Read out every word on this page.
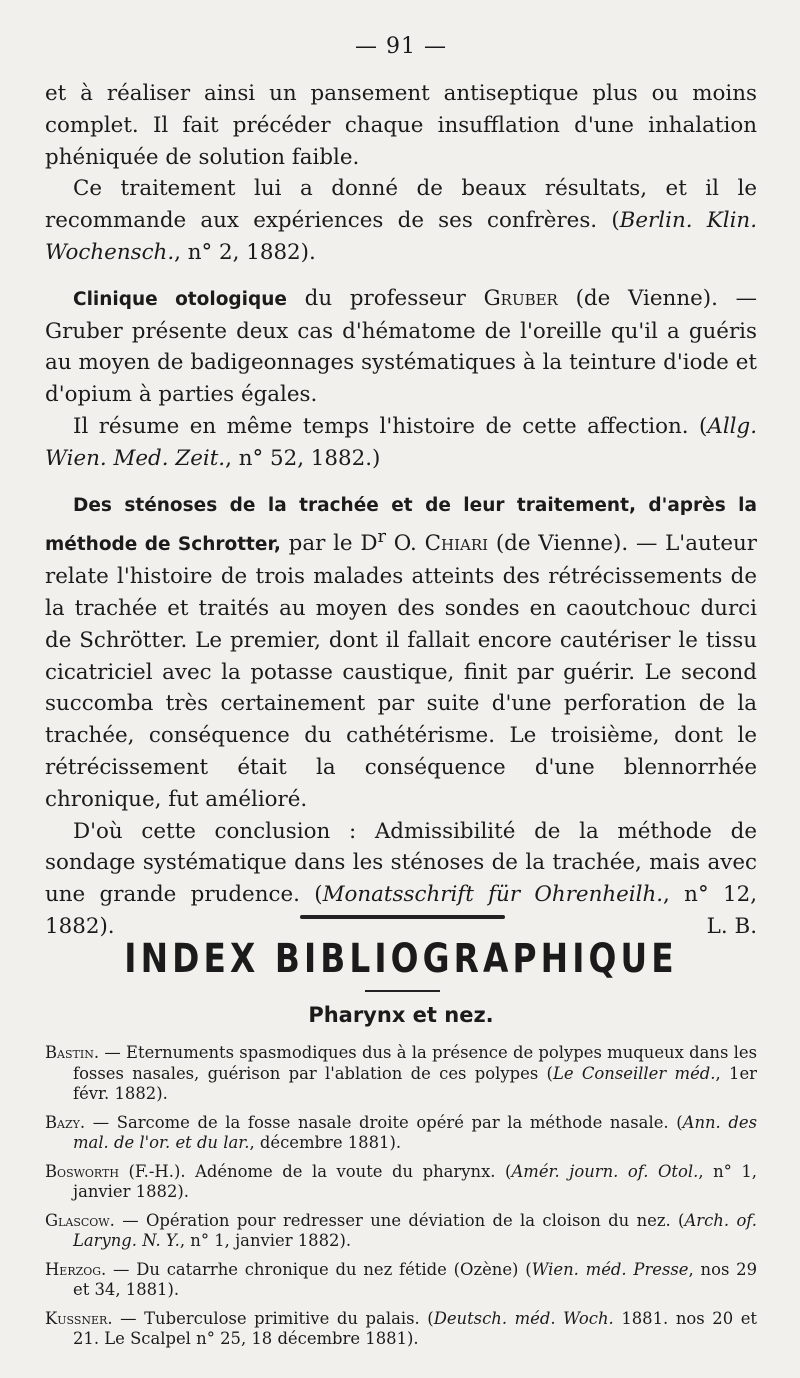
— 91 —

et à réaliser ainsi un pansement antiseptique plus ou moins complet. Il fait précéder chaque insufflation d'une inhalation phéniquée de solution faible.

Ce traitement lui a donné de beaux résultats, et il le recommande aux expériences de ses confrères. (Berlin. Klin. Wochensch., n° 2, 1882).

Clinique otologique du professeur Gruber (de Vienne). — Gruber présente deux cas d'hématome de l'oreille qu'il a guéris au moyen de badigeonnages systématiques à la teinture d'iode et d'opium à parties égales.

Il résume en même temps l'histoire de cette affection. (Allg. Wien. Med. Zeit., n° 52, 1882.)

Des sténoses de la trachée et de leur traitement, d'après la méthode de Schrotter, par le $D^r$ O. Chiari (de Vienne). — L'auteur relate l'histoire de trois malades atteints des rétrécissements de la trachée et traités au moyen des sondes en caoutchouc durci de Schrötter. Le premier, dont il fallait encore cautériser le tissu cicatriciel avec la potasse caustique, finit par guérir. Le second succomba très certainement par suite d'une perforation de la trachée, conséquence du cathétérisme. Le troisième, dont le rétrécissement était la conséquence d'une blennorrhée chronique, fut amélioré.

D'où cette conclusion : Admissibilité de la méthode de sondage systématique dans les sténoses de la trachée, mais avec une grande prudence. (Monatsschrift für Ohrenheilh., n° 12, 1882).	L. B.

INDEX BIBLIOGRAPHIQUE
Pharynx et nez.

Bastin. — Eternuments spasmodiques dus à la présence de polypes muqueux dans les fosses nasales, guérison par l'ablation de ces polypes (Le Conseiller méd., 1er févr. 1882).

Bazy. — Sarcome de la fosse nasale droite opéré par la méthode nasale. (Ann. des mal. de l'or. et du lar., décembre 1881).

Bosworth (F.-H.). Adénome de la voute du pharynx. (Amér. journ. of. Otol., n° 1, janvier 1882).

Glascow. — Opération pour redresser une déviation de la cloison du nez. (Arch. of. Laryng. N. Y., n° 1, janvier 1882).

Herzog. — Du catarrhe chronique du nez fétide (Ozène) (Wien. méd. Presse, nos 29 et 34, 1881).

Kussner. — Tuberculose primitive du palais. (Deutsch. méd. Woch. 1881. nos 20 et 21. Le Scalpel n° 25, 18 décembre 1881).
